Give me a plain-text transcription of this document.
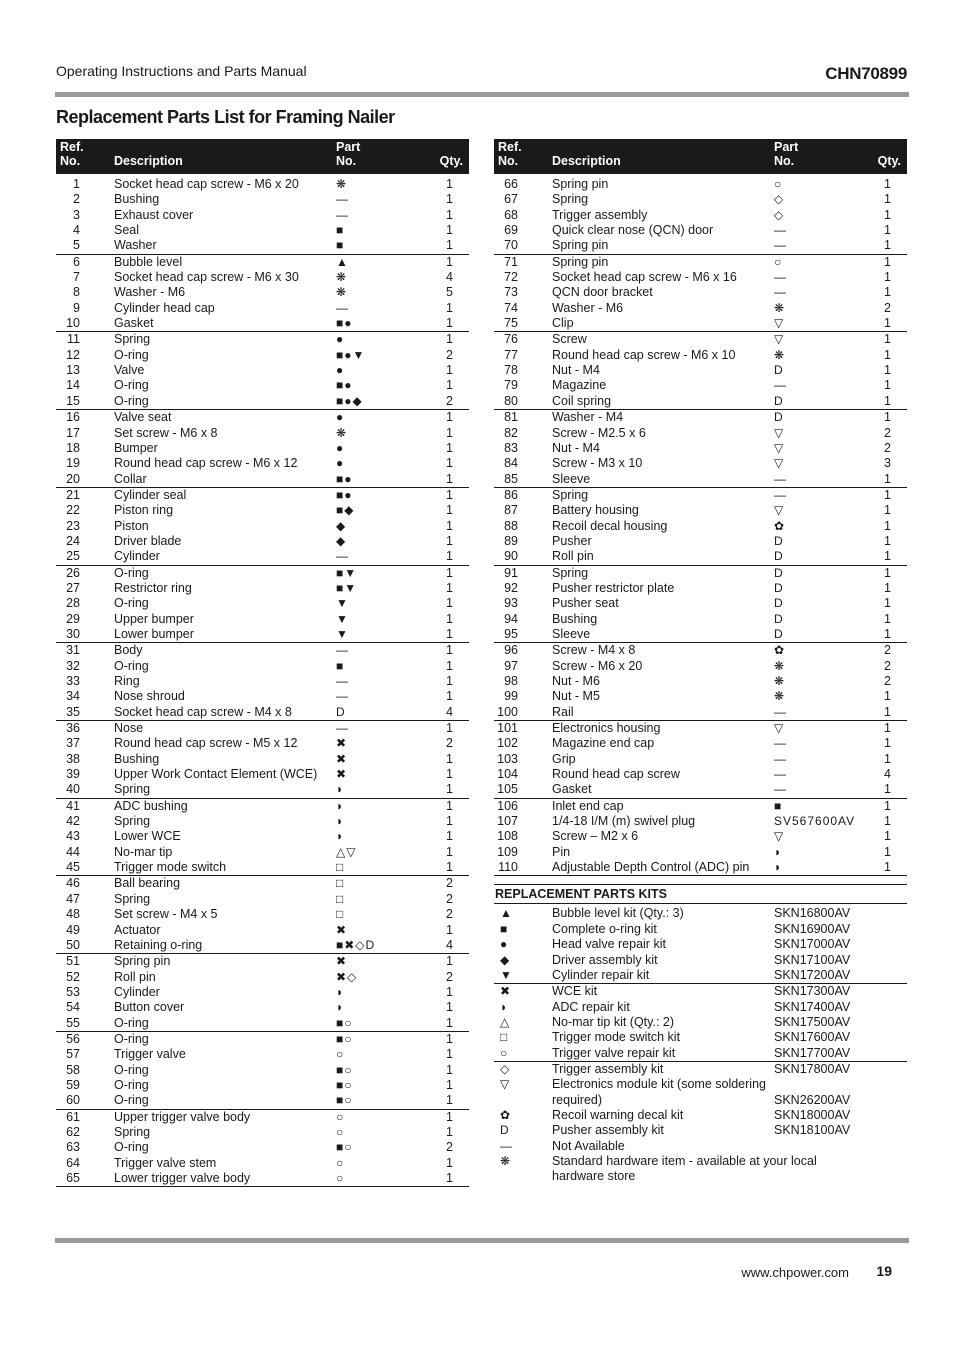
Operating Instructions and Parts Manual	CHN70899
Replacement Parts List for Framing Nailer
Ref.
No.	Description
Part
No.	Qty.
1	Socket head cap screw - M6 x 20	❋	1
2	Bushing	—	1
3	Exhaust cover	—	1
4	Seal	■	1
5	Washer	■	1
6	Bubble level	▲	1
7	Socket head cap screw - M6 x 30	❋	4
8	Washer - M6	❋	5
9	Cylinder head cap	—	1
10	Gasket	■●	1
11	Spring	●	1
12	O-ring	■●▼	2
13	Valve	●	1
14	O-ring	■●	1
15	O-ring	■●◆	2
16	Valve seat	●	1
17	Set screw - M6 x 8	❋	1
18	Bumper	●	1
19	Round head cap screw - M6 x 12	●	1
20	Collar	■●	1
21	Cylinder seal	■●	1
22	Piston ring	■◆	1
23	Piston	◆	1
24	Driver blade	◆	1
25	Cylinder	—	1
26	O-ring	■▼	1
27	Restrictor ring	■▼	1
28	O-ring	▼	1
29	Upper bumper	▼	1
30	Lower bumper	▼	1
31	Body	—	1
32	O-ring	■	1
33	Ring	—	1
34	Nose shroud	—	1
35	Socket head cap screw - M4 x 8	D	4
36	Nose	—	1
37	Round head cap screw - M5 x 12	✖	2
38	Bushing	✖	1
39	Upper Work Contact Element (WCE) ✖	1
40	Spring	◗	1
41	ADC bushing	◗	1
42	Spring	◗	1
43	Lower WCE	◗	1
44	No-mar tip	△▽	1
45	Trigger mode switch	□	1
46	Ball bearing	□	2
47	Spring	□	2
48	Set screw - M4 x 5	□	2
49	Actuator	✖	1
50	Retaining o-ring	■✖◇D	4
51	Spring pin	✖	1
52	Roll pin	✖◇	2
53	Cylinder	◗	1
54	Button cover	◗	1
55	O-ring	■○	1
56	O-ring	■○	1
57	Trigger valve	○	1
58	O-ring	■○	1
59	O-ring	■○	1
60	O-ring	■○	1
61	Upper trigger valve body	○	1
62	Spring	○	1
63	O-ring	■○	2
64	Trigger valve stem	○	1
65	Lower trigger valve body	○	1
Ref.
No.	Description
Part
No.	Qty.
66	Spring pin	○	1
67	Spring	◇	1
68	Trigger assembly	◇	1
69	Quick clear nose (QCN) door	—	1
70	Spring pin	—	1
71	Spring pin	○	1
72	Socket head cap screw - M6 x 16	—	1
73	QCN door bracket	—	1
74	Washer - M6	❋	2
75	Clip	▽	1
76	Screw	▽	1
77	Round head cap screw - M6 x 10	❋	1
78	Nut - M4	D	1
79	Magazine	—	1
80	Coil spring	D	1
81	Washer - M4	D	1
82	Screw - M2.5 x 6	▽	2
83	Nut - M4	▽	2
84	Screw - M3 x 10	▽	3
85	Sleeve	—	1
86	Spring	—	1
87	Battery housing	▽	1
88	Recoil decal housing	✿	1
89	Pusher	D	1
90	Roll pin	D	1
91	Spring	D	1
92	Pusher restrictor plate	D	1
93	Pusher seat	D	1
94	Bushing	D	1
95	Sleeve	D	1
96	Screw - M4 x 8	✿	2
97	Screw - M6 x 20	❋	2
98	Nut - M6	❋	2
99	Nut - M5	❋	1
100	Rail	—	1
101	Electronics housing	▽	1
102	Magazine end cap	—	1
103	Grip	—	1
104	Round head cap screw	—	4
105	Gasket	—	1
106	Inlet end cap	■	1
107	1/4-18 I/M (m) swivel plug	SV567600AV 1
108	Screw – M2 x 6	▽	1
109	Pin	◗	1
110	Adjustable Depth Control (ADC) pin ◗	1
REPLACEMENT PARTS KITS
▲	Bubble level kit (Qty.: 3)	SKN16800AV
■	Complete o-ring kit	SKN16900AV
●	Head valve repair kit	SKN17000AV
◆	Driver assembly kit	SKN17100AV
▼	Cylinder repair kit	SKN17200AV
✖	WCE kit	SKN17300AV
◗	ADC repair kit	SKN17400AV
△	No-mar tip kit (Qty.: 2)	SKN17500AV
□	Trigger mode switch kit	SKN17600AV
○	Trigger valve repair kit	SKN17700AV
◇	Trigger assembly kit	SKN17800AV
▽	Electronics module kit (some soldering required)	SKN26200AV
✿	Recoil warning decal kit	SKN18000AV
D	Pusher assembly kit	SKN18100AV
—	Not Available
❋	Standard hardware item - available at your local hardware store
www.chpower.com 19
